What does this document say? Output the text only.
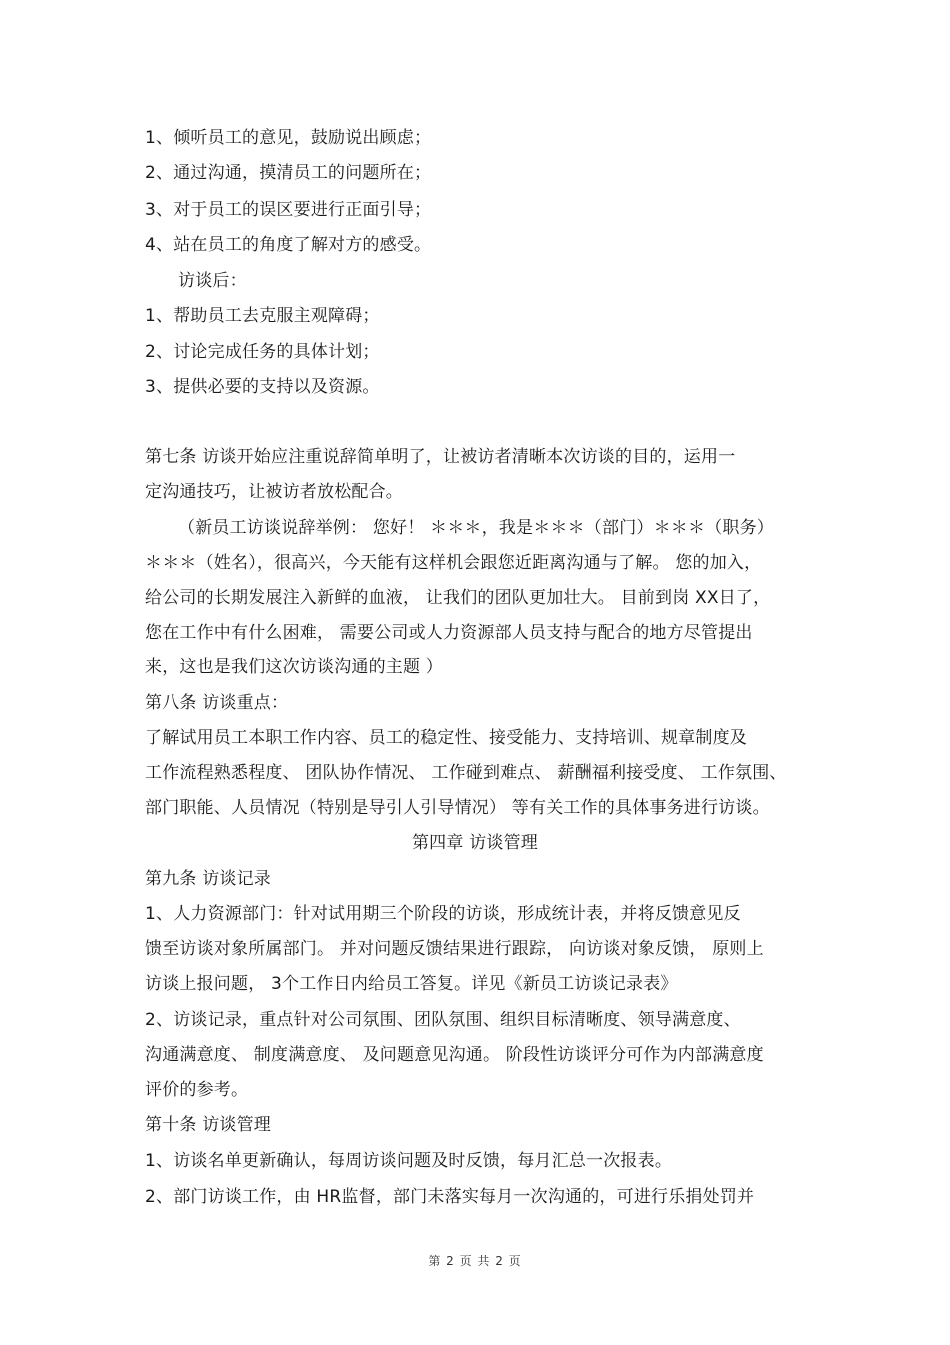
1、倾听员工的意见，鼓励说出顾虑；
2、通过沟通，摸清员工的问题所在；
3、对于员工的误区要进行正面引导；
4、站在员工的角度了解对方的感受。
访谈后：
1、帮助员工去克服主观障碍；
2、讨论完成任务的具体计划；
3、提供必要的支持以及资源。
第七条 访谈开始应注重说辞简单明了，让被访者清晰本次访谈的目的，运用一
定沟通技巧，让被访者放松配合。
（新员工访谈说辞举例： 您好！ ＊＊＊，我是＊＊＊（部门）＊＊＊（职务）
＊＊＊（姓名），很高兴，今天能有这样机会跟您近距离沟通与了解。 您的加入，
给公司的长期发展注入新鲜的血液， 让我们的团队更加壮大。 目前到岗 XX日了，
您在工作中有什么困难， 需要公司或人力资源部人员支持与配合的地方尽管提出
来，这也是我们这次访谈沟通的主题 ）
第八条 访谈重点：
了解试用员工本职工作内容、员工的稳定性、接受能力、支持培训、规章制度及
工作流程熟悉程度、 团队协作情况、 工作碰到难点、 薪酬福利接受度、 工作氛围、
部门职能、人员情况（特别是导引人引导情况） 等有关工作的具体事务进行访谈。
第四章 访谈管理
第九条 访谈记录
1、人力资源部门：针对试用期三个阶段的访谈，形成统计表，并将反馈意见反
馈至访谈对象所属部门。 并对问题反馈结果进行跟踪， 向访谈对象反馈， 原则上
访谈上报问题， 3个工作日内给员工答复。详见《新员工访谈记录表》
2、访谈记录，重点针对公司氛围、团队氛围、组织目标清晰度、领导满意度、
沟通满意度、 制度满意度、 及问题意见沟通。 阶段性访谈评分可作为内部满意度
评价的参考。
第十条 访谈管理
1、访谈名单更新确认，每周访谈问题及时反馈，每月汇总一次报表。
2、部门访谈工作，由 HR监督，部门未落实每月一次沟通的，可进行乐捐处罚并
第 2 页 共 2 页
